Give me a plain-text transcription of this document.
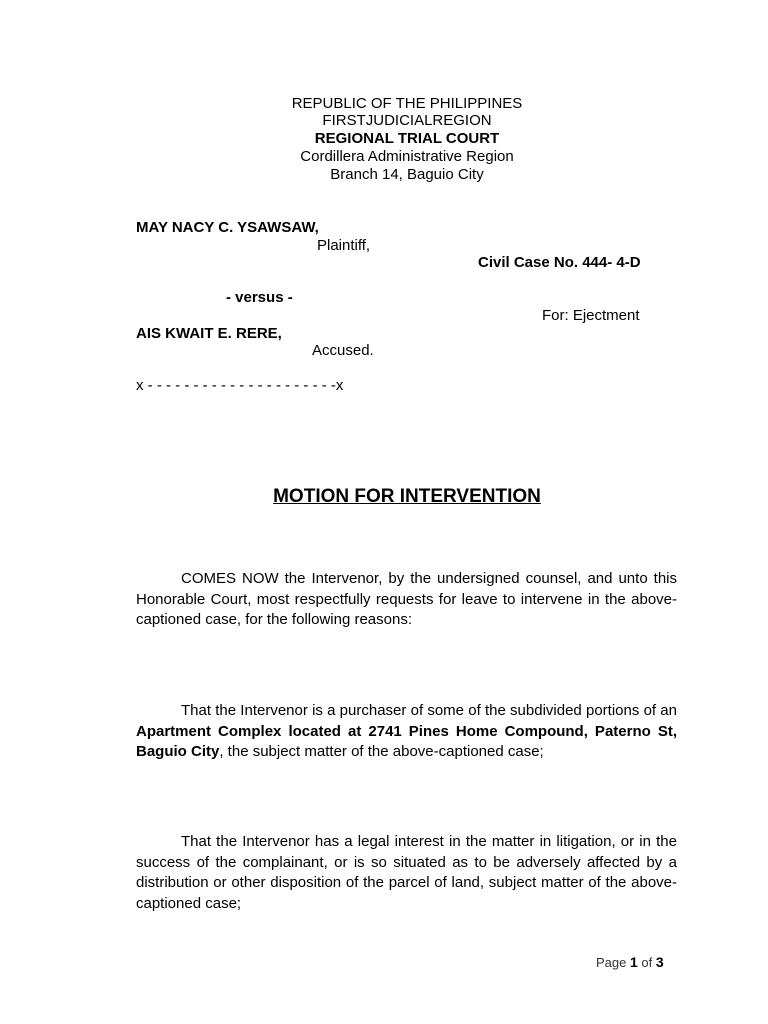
REPUBLIC OF THE PHILIPPINES
FIRSTJUDICIALREGION
REGIONAL TRIAL COURT
Cordillera Administrative Region
Branch 14, Baguio City
MAY NACY C. YSAWSAW,
Plaintiff,
Civil Case No. 444- 4-D
- versus -
For: Ejectment
AIS KWAIT E. RERE,
Accused.
x - - - - - - - - - - - - - - - - - - - - -x
MOTION FOR INTERVENTION
COMES NOW the Intervenor, by the undersigned counsel, and unto this Honorable Court, most respectfully requests for leave to intervene in the above-captioned case, for the following reasons:
That the Intervenor is a purchaser of some of the subdivided portions of an Apartment Complex located at 2741 Pines Home Compound, Paterno St, Baguio City, the subject matter of the above-captioned case;
That the Intervenor has a legal interest in the matter in litigation, or in the success of the complainant, or is so situated as to be adversely affected by a distribution or other disposition of the parcel of land, subject matter of the above-captioned case;
Page 1 of 3
